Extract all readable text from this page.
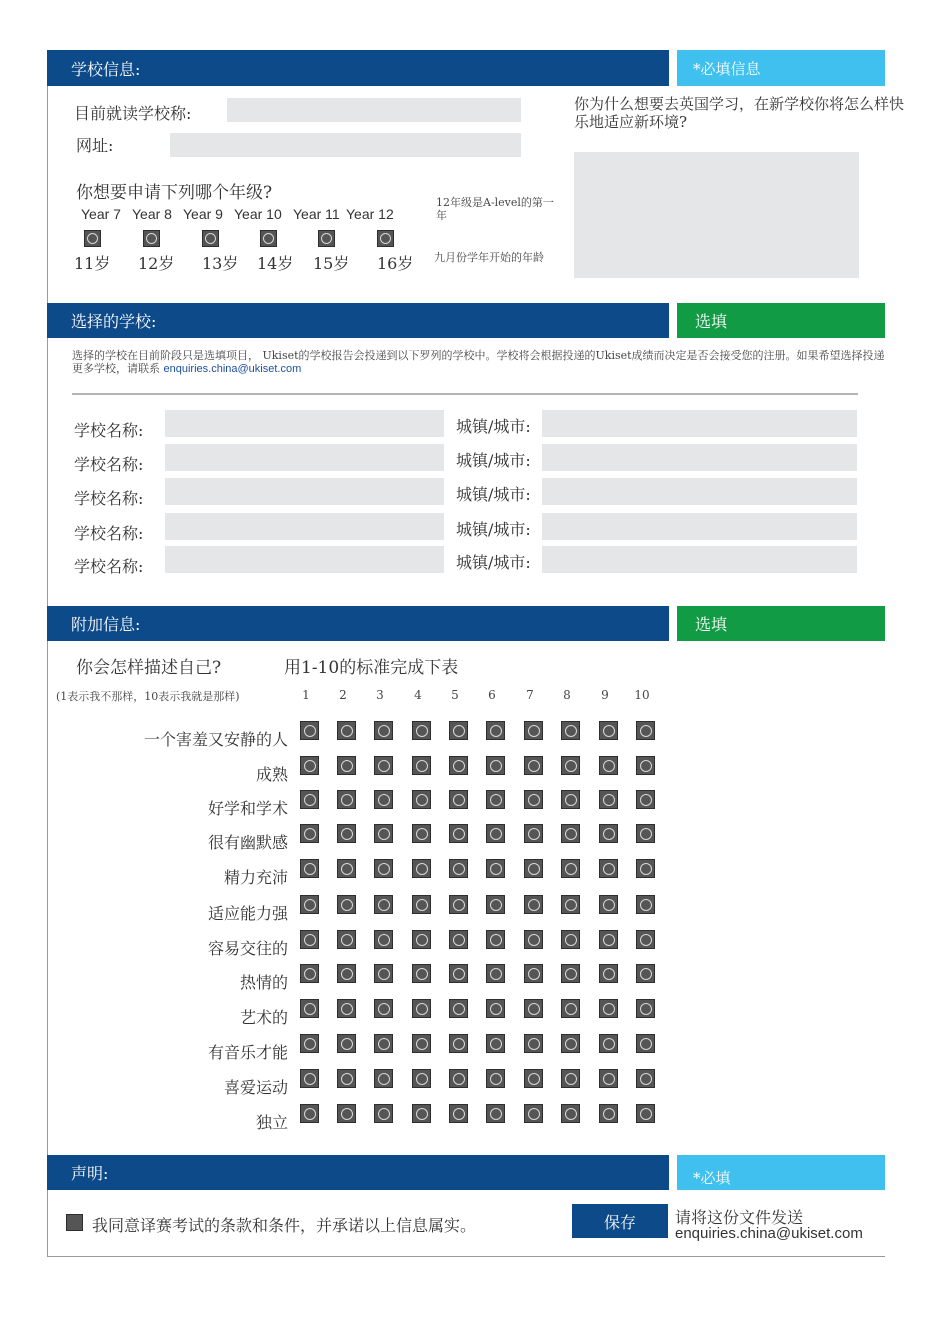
学校信息:	*必填信息
目前就读学校称:
网址:
你想要申请下列哪个年级?
Year 7
11岁
Year 8
12岁
Year 9
13岁
Year 10
14岁
Year 11
15岁
Year 12
16岁
12年级是A-level的第一年
九月份学年开始的年龄
你为什么想要去英国学习，在新学校你将怎么样快乐地适应新环境?
选择的学校:	选填
选择的学校在目前阶段只是选填项目， Ukiset的学校报告会投递到以下罗列的学校中。学校将会根据投递的Ukiset成绩而决定是否会接受您的注册。如果希望选择投递更多学校，请联系 enquiries.china@ukiset.com
学校名称:	城镇/城市:
学校名称:	城镇/城市:
学校名称:	城镇/城市:
学校名称:	城镇/城市:
学校名称:	城镇/城市:
附加信息:	选填
你会怎样描述自己?	用1-10的标准完成下表
(1表示我不那样，10表示我就是那样)	1	2	3	4	5	6	7	8	9	10
一个害羞又安静的人
成熟
好学和学术
很有幽默感
精力充沛
适应能力强
容易交往的
热情的
艺术的
有音乐才能
喜爱运动
独立
声明:	*必填
我同意译赛考试的条款和条件，并承诺以上信息属实。	保存	请将这份文件发送
enquiries.china@ukiset.com
